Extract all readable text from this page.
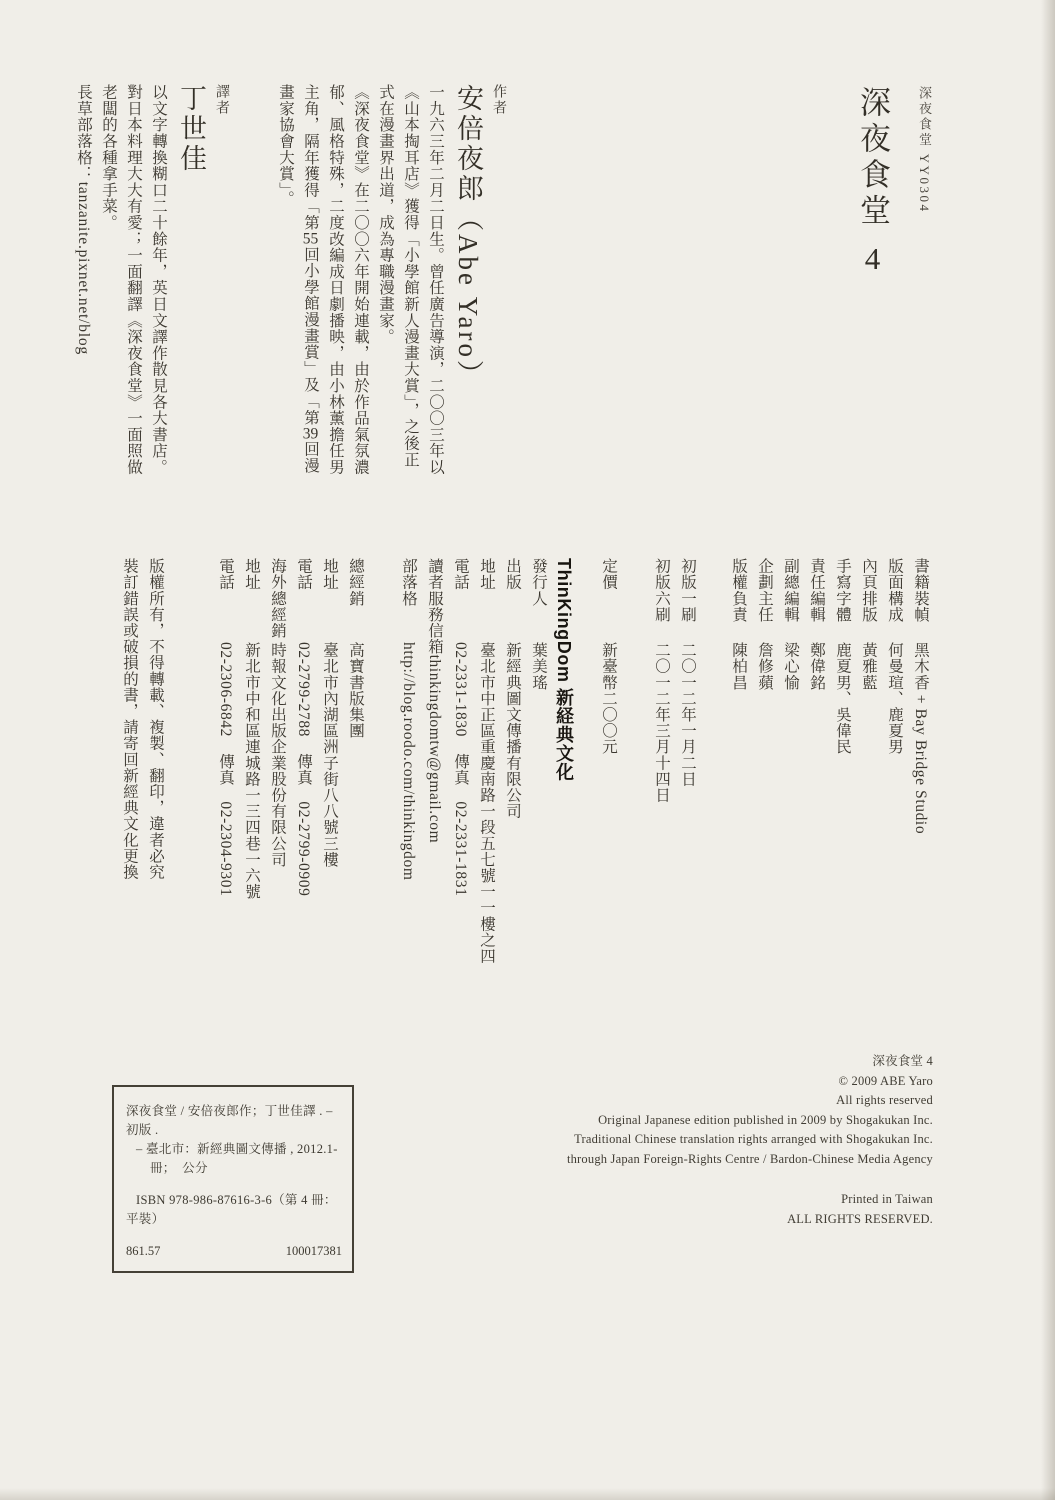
深夜食堂 YY0304

深夜食堂 4

作者

安倍夜郎（Abe Yaro）

一九六三年二月二日生。曾任廣告導演，二〇〇三年以

《山本掏耳店》獲得「小學館新人漫畫大賞」，之後正

式在漫畫界出道，成為專職漫畫家。

《深夜食堂》在二〇〇六年開始連載，由於作品氣氛濃

郁、風格特殊，二度改編成日劇播映，由小林薰擔任男

主角，隔年獲得「第55回小學館漫畫賞」及「第39回漫

畫家協會大賞」。

譯者

丁世佳

以文字轉換糊口二十餘年，英日文譯作散見各大書店。

對日本料理大大有愛；一面翻譯《深夜食堂》一面照做

老闆的各種拿手菜。

長草部落格：tanzanite.pixnet.net/blog

書籍裝幀黑木香 + Bay Bridge Studio

版面構成何曼瑄、鹿夏男

內頁排版黃雅藍

手寫字體鹿夏男、吳偉民

責任編輯鄭偉銘

副總編輯梁心愉

企劃主任詹修蘋

版權負責陳柏昌

初版一刷二〇一二年一月二日

初版六刷二〇一二年三月十四日

定價新臺幣二〇〇元

ThinKingDom 新経典文化

發行人葉美瑤

出版新經典圖文傳播有限公司

地址臺北市中正區重慶南路一段五七號一一樓之四

電話02-2331-1830　傳真　02-2331-1831

讀者服務信箱thinkingdomtw@gmail.com

部落格http://blog.roodo.com/thinkingdom

總經銷高寶書版集團

地址臺北市內湖區洲子街八八號三樓

電話02-2799-2788　傳真　02-2799-0909

海外總經銷時報文化出版企業股份有限公司

地址新北市中和區連城路一三四巷一六號

電話02-2306-6842　傳真　02-2304-9301

版權所有，不得轉載、複製、翻印，違者必究

裝訂錯誤或破損的書，請寄回新經典文化更換

深夜食堂 / 安倍夜郎作；丁世佳譯 . – 初版 .

– 臺北市：新經典圖文傳播 , 2012.1-

冊；　公分

ISBN 978-986-87616-3-6（第 4 冊：平裝）

861.57	100017381

深夜食堂 4

© 2009 ABE Yaro

All rights reserved

Original Japanese edition published in 2009 by Shogakukan Inc.

Traditional Chinese translation rights arranged with Shogakukan Inc.

through Japan Foreign-Rights Centre / Bardon-Chinese Media Agency

Printed in Taiwan

ALL RIGHTS RESERVED.
